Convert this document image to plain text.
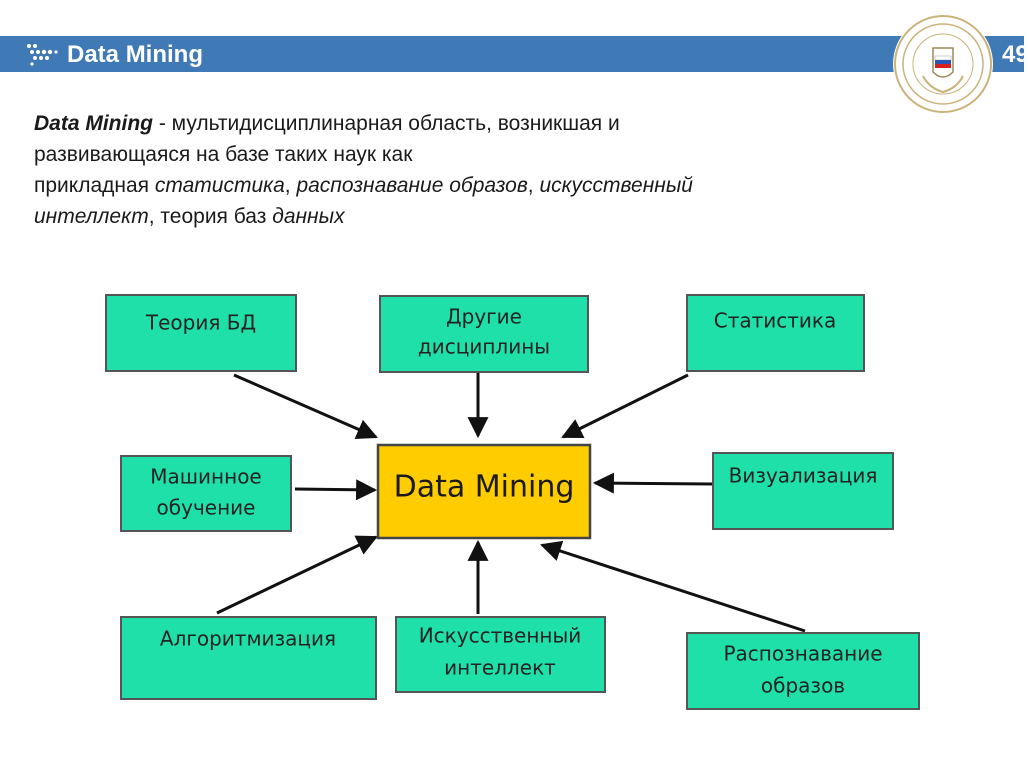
Data Mining	49
Data Mining - мультидисциплинарная область, возникшая и
развивающаяся на базе таких наук как
прикладная статистика, распознавание образов, искусственный
интеллект, теория баз данных
Data Mining
Теория БД	Другие
дисциплины
Статистика
Машинное
обучение
Визуализация
Алгоритмизация	Искусственный
интеллект
Распознавание
образов
